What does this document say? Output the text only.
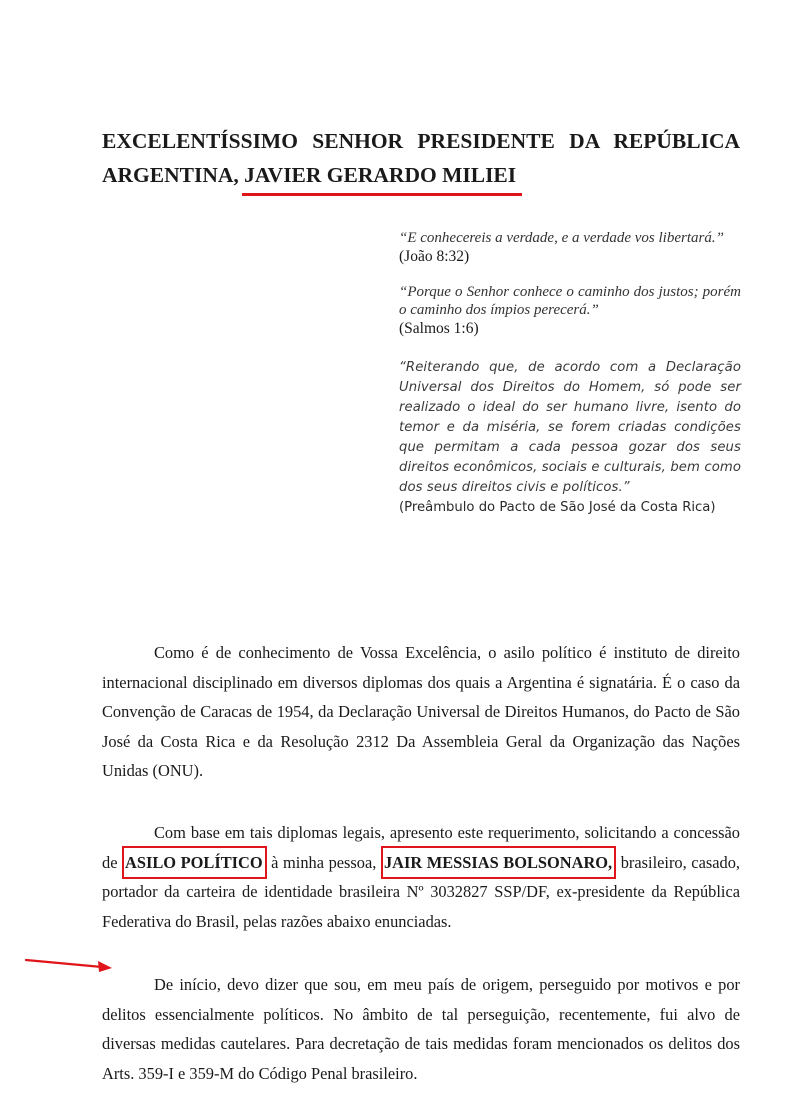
EXCELENTÍSSIMO SENHOR PRESIDENTE DA REPÚBLICA
ARGENTINA, JAVIER GERARDO MILIEI
“E conhecereis a verdade, e a verdade vos libertará.”
(João 8:32)
“Porque o Senhor conhece o caminho dos justos; porém o caminho dos ímpios perecerá.”
(Salmos 1:6)
“Reiterando que, de acordo com a Declaração Universal dos Direitos do Homem, só pode ser realizado o ideal do ser humano livre, isento do temor e da miséria, se forem criadas condições que permitam a cada pessoa gozar dos seus direitos econômicos, sociais e culturais, bem como dos seus direitos civis e políticos.”
(Preâmbulo do Pacto de São José da Costa Rica)

Como é de conhecimento de Vossa Excelência, o asilo político é instituto de direito internacional disciplinado em diversos diplomas dos quais a Argentina é signatária. É o caso da Convenção de Caracas de 1954, da Declaração Universal de Direitos Humanos, do Pacto de São José da Costa Rica e da Resolução 2312 Da Assembleia Geral da Organização das Nações Unidas (ONU).

Com base em tais diplomas legais, apresento este requerimento, solicitando a concessão de ASILO POLÍTICO à minha pessoa, JAIR MESSIAS BOLSONARO, brasileiro, casado, portador da carteira de identidade brasileira Nº 3032827 SSP/DF, ex-presidente da República Federativa do Brasil, pelas razões abaixo enunciadas.

De início, devo dizer que sou, em meu país de origem, perseguido por motivos e por delitos essencialmente políticos. No âmbito de tal perseguição, recentemente, fui alvo de diversas medidas cautelares. Para decretação de tais medidas foram mencionados os delitos dos Arts. 359-I e 359-M do Código Penal brasileiro.
